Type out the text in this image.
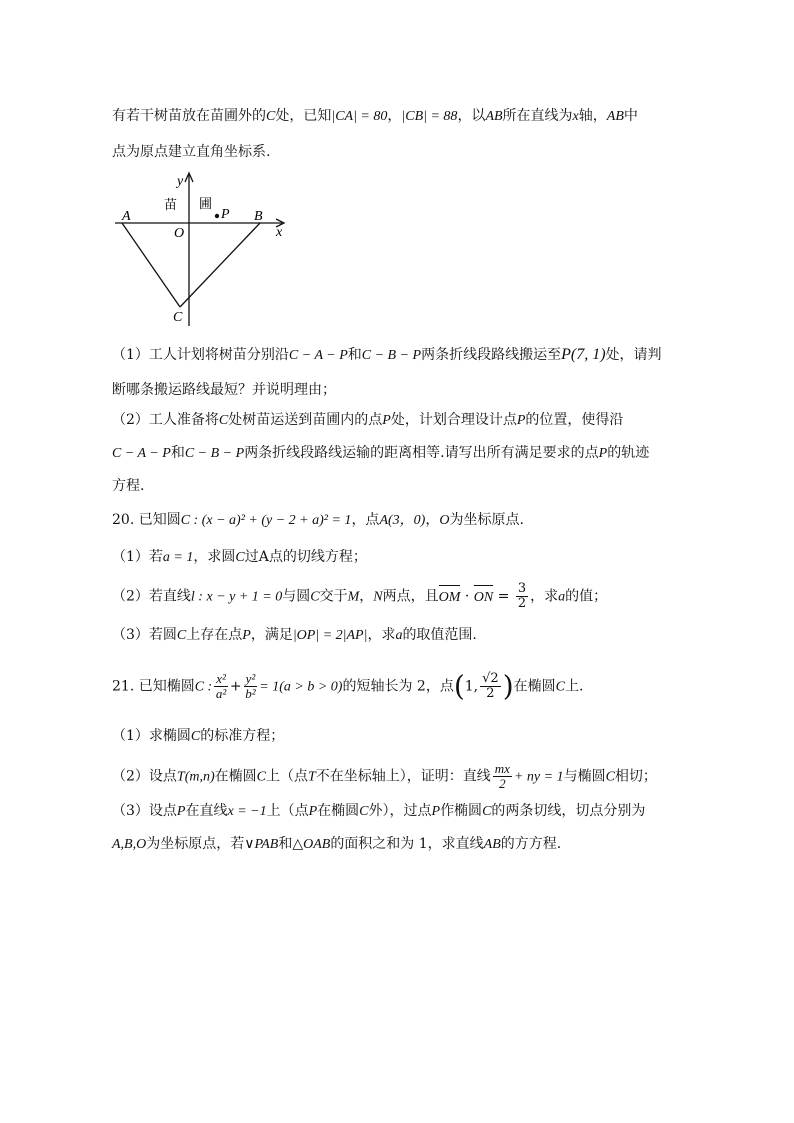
有若干树苗放在苗圃外的C处，已知|CA| = 80，|CB| = 88，以AB所在直线为x轴，AB中
点为原点建立直角坐标系.
A	B
C
O
P
x
y
苗 圃
（1）工人计划将树苗分别沿C − A − P和C − B − P两条折线段路线搬运至P(7, 1)处，请判
断哪条搬运路线最短？并说明理由；
（2）工人准备将C处树苗运送到苗圃内的点P处，计划合理设计点P的位置，使得沿
C − A − P和C − B − P两条折线段路线运输的距离相等.请写出所有满足要求的点P的轨迹
方程.
20. 已知圆C : (x − a)² + (y − 2 + a)² = 1，点A(3，0)，O为坐标原点.
（1）若a = 1，求圆C过A点的切线方程；
（2）若直线l : x − y + 1 = 0与圆C交于M，N两点，且OM · ON = $\frac{3}{2}$ ，求a的值；
（3）若圆C上存在点P，满足|OP| = 2|AP|，求a的取值范围.
21. 已知椭圆C : $\frac{\text{x²}}{\text{a²}} + \frac{\text{y²}}{\text{b²}} = 1(a > b > 0)$的短轴长为 2，点(1, $\frac{√2}{2}$ )在椭圆C上.
（1）求椭圆C的标准方程；
（2）设点T(m,n)在椭圆C上（点T不在坐标轴上），证明：直线 $\frac{mx}{2}$ + ny = 1与椭圆C相切；
（3）设点P在直线x = −1上（点P在椭圆C外），过点P作椭圆C的两条切线，切点分别为
A,B,O为坐标原点，若∨PAB和△OAB的面积之和为 1，求直线AB的方方程.
